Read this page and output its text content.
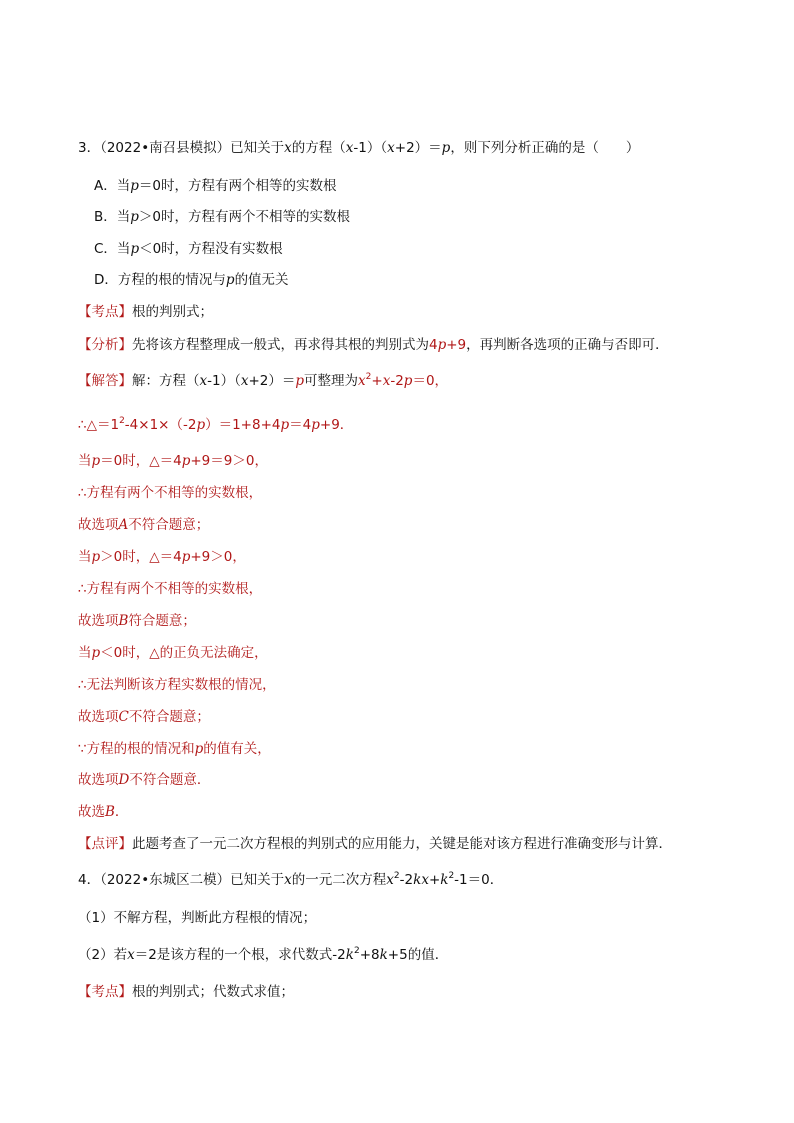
3．（2022•南召县模拟）已知关于x的方程（x-1）（x+2）＝p，则下列分析正确的是（　　）
A．当p＝0时，方程有两个相等的实数根
B．当p＞0时，方程有两个不相等的实数根
C．当p＜0时，方程没有实数根
D．方程的根的情况与p的值无关
【考点】根的判别式；
【分析】先将该方程整理成一般式，再求得其根的判别式为4p+9，再判断各选项的正确与否即可．
【解答】解：方程（x-1）（x+2）＝p可整理为$x^2+x-2p=0$，
$\therefore\triangle=1^2-4\times 1\times(-2p)=1+8+4p=4p+9$．
当p＝0时，△＝4p+9＝9＞0，
∴方程有两个不相等的实数根，
故选项A不符合题意；
当p＞0时，△＝4p+9＞0，
∴方程有两个不相等的实数根，
故选项B符合题意；
当p＜0时，△的正负无法确定，
∴无法判断该方程实数根的情况，
故选项C不符合题意；
∵方程的根的情况和p的值有关，
故选项D不符合题意．
故选B．
【点评】此题考查了一元二次方程根的判别式的应用能力，关键是能对该方程进行准确变形与计算．
4．（2022•东城区二模）已知关于x的一元二次方程$x^2-2kx+k^2-1=0$．
（1）不解方程，判断此方程根的情况；
（2）若x＝2是该方程的一个根，求代数式$-2k^2+8k+5$的值．
【考点】根的判别式；代数式求值；
